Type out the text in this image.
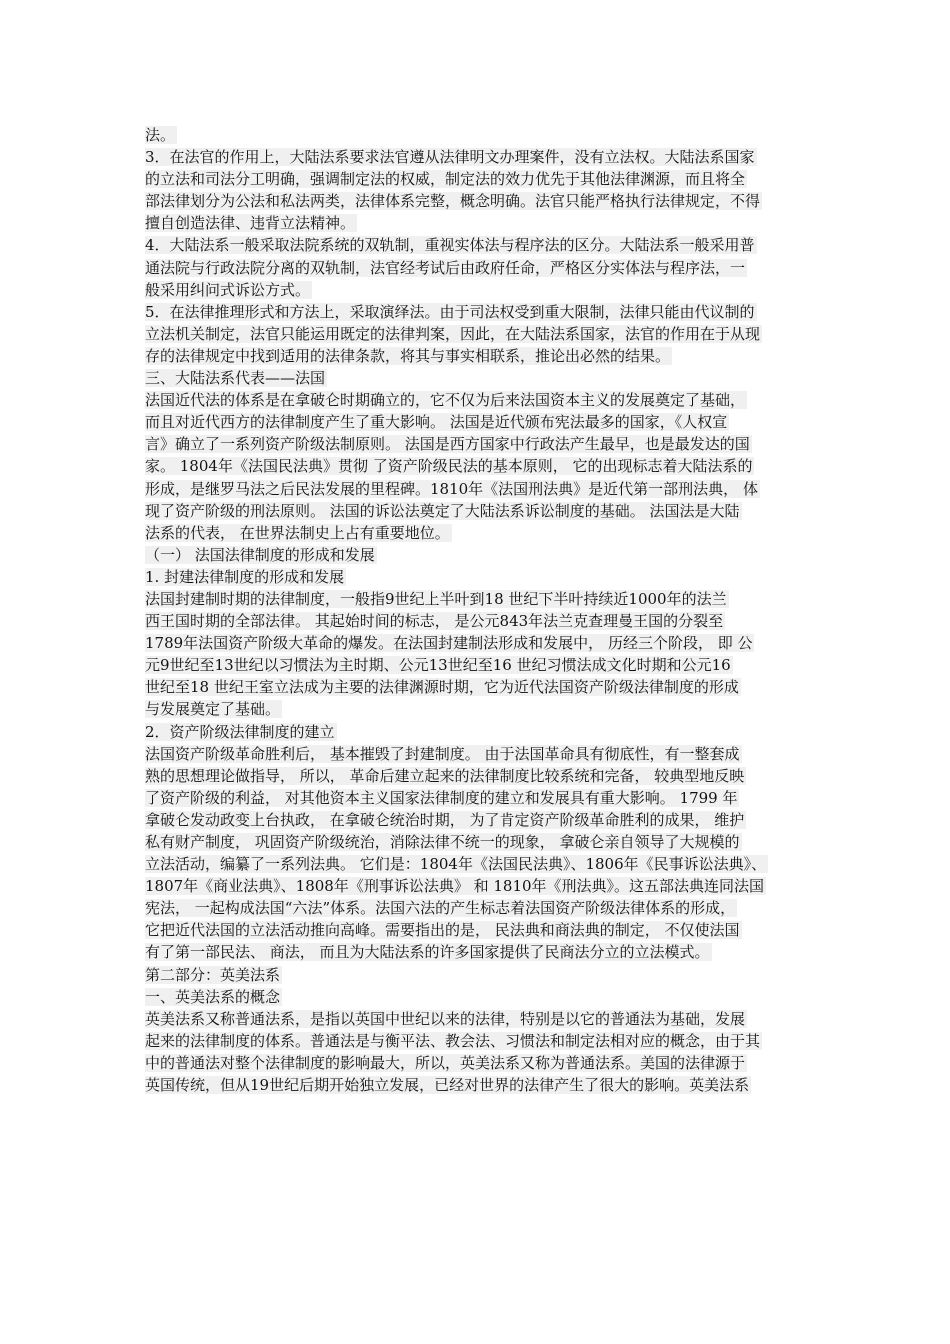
法。
3．在法官的作用上，大陆法系要求法官遵从法律明文办理案件，没有立法权。大陆法系国家
的立法和司法分工明确，强调制定法的权威，制定法的效力优先于其他法律渊源，而且将全
部法律划分为公法和私法两类，法律体系完整，概念明确。法官只能严格执行法律规定，不得
擅自创造法律、违背立法精神。
4．大陆法系一般采取法院系统的双轨制，重视实体法与程序法的区分。大陆法系一般采用普
通法院与行政法院分离的双轨制，法官经考试后由政府任命，严格区分实体法与程序法，一
般采用纠问式诉讼方式。
5．在法律推理形式和方法上，采取演绎法。由于司法权受到重大限制，法律只能由代议制的
立法机关制定，法官只能运用既定的法律判案，因此，在大陆法系国家，法官的作用在于从现
存的法律规定中找到适用的法律条款，将其与事实相联系，推论出必然的结果。
三、大陆法系代表——法国
法国近代法的体系是在拿破仑时期确立的，它不仅为后来法国资本主义的发展奠定了基础，
而且对近代西方的法律制度产生了重大影响。 法国是近代颁布宪法最多的国家，《人权宣
言》确立了一系列资产阶级法制原则。 法国是西方国家中行政法产生最早，也是最发达的国
家。 1804年《法国民法典》贯彻 了资产阶级民法的基本原则， 它的出现标志着大陆法系的
形成，是继罗马法之后民法发展的里程碑。1810年《法国刑法典》是近代第一部刑法典， 体
现了资产阶级的刑法原则。 法国的诉讼法奠定了大陆法系诉讼制度的基础。 法国法是大陆
法系的代表， 在世界法制史上占有重要地位。
（一） 法国法律制度的形成和发展
1. 封建法律制度的形成和发展
法国封建制时期的法律制度，一般指9世纪上半叶到18 世纪下半叶持续近1000年的法兰
西王国时期的全部法律。 其起始时间的标志， 是公元843年法兰克查理曼王国的分裂至
1789年法国资产阶级大革命的爆发。在法国封建制法形成和发展中， 历经三个阶段， 即 公
元9世纪至13世纪以习惯法为主时期、公元13世纪至16 世纪习惯法成文化时期和公元16
世纪至18 世纪王室立法成为主要的法律渊源时期，它为近代法国资产阶级法律制度的形成
与发展奠定了基础。
2．资产阶级法律制度的建立
法国资产阶级革命胜利后， 基本摧毁了封建制度。 由于法国革命具有彻底性，有一整套成
熟的思想理论做指导， 所以， 革命后建立起来的法律制度比较系统和完备， 较典型地反映
了资产阶级的利益， 对其他资本主义国家法律制度的建立和发展具有重大影响。 1799 年
拿破仑发动政变上台执政， 在拿破仑统治时期， 为了肯定资产阶级革命胜利的成果， 维护
私有财产制度， 巩固资产阶级统治，消除法律不统一的现象， 拿破仑亲自领导了大规模的
立法活动，编纂了一系列法典。 它们是：1804年《法国民法典》、1806年《民事诉讼法典》、
1807年《商业法典》、1808年《刑事诉讼法典》 和 1810年《刑法典》。这五部法典连同法国
宪法， 一起构成法国“六法”体系。法国六法的产生标志着法国资产阶级法律体系的形成，
它把近代法国的立法活动推向高峰。需要指出的是， 民法典和商法典的制定， 不仅使法国
有了第一部民法、 商法， 而且为大陆法系的许多国家提供了民商法分立的立法模式。
第二部分：英美法系
一、英美法系的概念
英美法系又称普通法系，是指以英国中世纪以来的法律，特别是以它的普通法为基础，发展
起来的法律制度的体系。普通法是与衡平法、教会法、习惯法和制定法相对应的概念，由于其
中的普通法对整个法律制度的影响最大，所以，英美法系又称为普通法系。美国的法律源于
英国传统，但从19世纪后期开始独立发展，已经对世界的法律产生了很大的影响。英美法系
